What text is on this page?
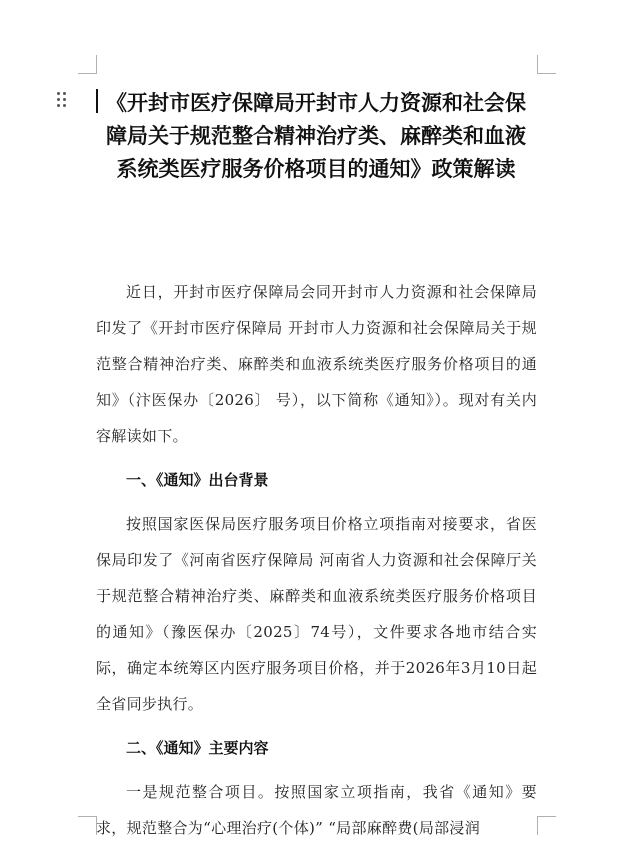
《开封市医疗保障局开封市人力资源和社会保障局关于规范整合精神治疗类、麻醉类和血液系统类医疗服务价格项目的通知》政策解读

近日，开封市医疗保障局会同开封市人力资源和社会保障局印发了《开封市医疗保障局 开封市人力资源和社会保障局关于规范整合精神治疗类、麻醉类和血液系统类医疗服务价格项目的通知》（汴医保办〔2026〕 号），以下简称《通知》）。现对有关内容解读如下。

一、《通知》出台背景

按照国家医保局医疗服务项目价格立项指南对接要求，省医保局印发了《河南省医疗保障局 河南省人力资源和社会保障厅关于规范整合精神治疗类、麻醉类和血液系统类医疗服务价格项目的通知》（豫医保办〔2025〕74号），文件要求各地市结合实际，确定本统筹区内医疗服务项目价格，并于2026年3月10日起全省同步执行。

二、《通知》主要内容

一是规范整合项目。按照国家立项指南，我省《通知》要求，规范整合为“心理治疗(个体)” “局部麻醉费(局部浸润
